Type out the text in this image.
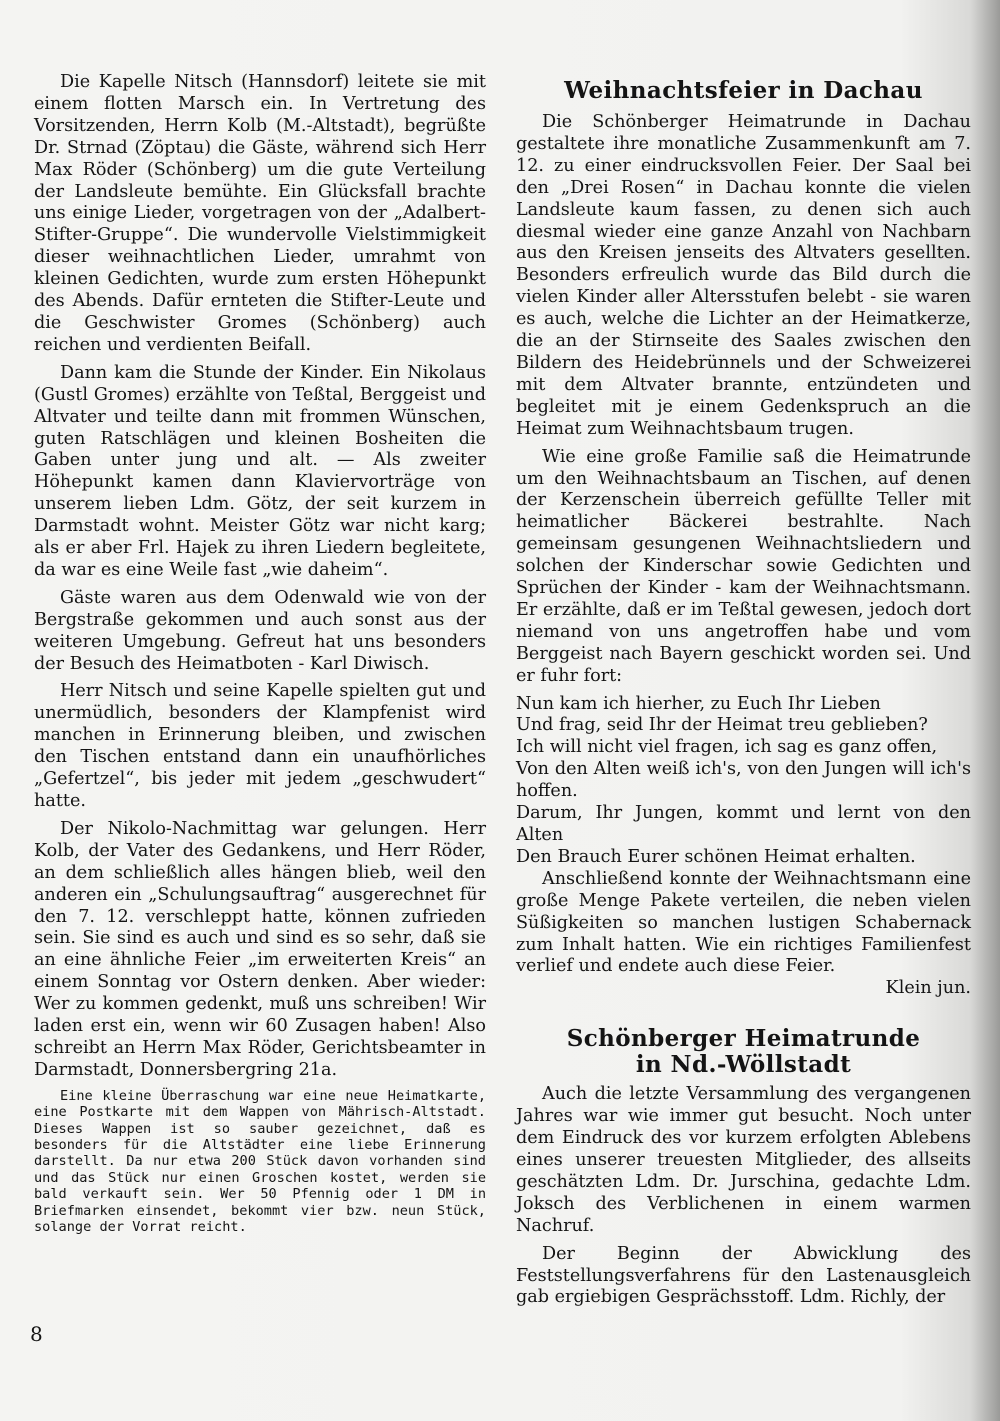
Die Kapelle Nitsch (Hannsdorf) leitete sie mit einem flotten Marsch ein. In Vertretung des Vorsitzenden, Herrn Kolb (M.-Altstadt), begrüßte Dr. Strnad (Zöptau) die Gäste, während sich Herr Max Röder (Schönberg) um die gute Verteilung der Landsleute bemühte. Ein Glücksfall brachte uns einige Lieder, vorgetragen von der „Adalbert-Stifter-Gruppe“. Die wundervolle Vielstimmigkeit dieser weihnachtlichen Lieder, umrahmt von kleinen Gedichten, wurde zum ersten Höhepunkt des Abends. Dafür ernteten die Stifter-Leute und die Geschwister Gromes (Schönberg) auch reichen und verdienten Beifall.

Dann kam die Stunde der Kinder. Ein Nikolaus (Gustl Gromes) erzählte von Teßtal, Berggeist und Altvater und teilte dann mit frommen Wünschen, guten Ratschlägen und kleinen Bosheiten die Gaben unter jung und alt. — Als zweiter Höhepunkt kamen dann Klaviervorträge von unserem lieben Ldm. Götz, der seit kurzem in Darmstadt wohnt. Meister Götz war nicht karg; als er aber Frl. Hajek zu ihren Liedern begleitete, da war es eine Weile fast „wie daheim“.

Gäste waren aus dem Odenwald wie von der Bergstraße gekommen und auch sonst aus der weiteren Umgebung. Gefreut hat uns besonders der Besuch des Heimatboten - Karl Diwisch.

Herr Nitsch und seine Kapelle spielten gut und unermüdlich, besonders der Klampfenist wird manchen in Erinnerung bleiben, und zwischen den Tischen entstand dann ein unaufhörliches „Gefertzel“, bis jeder mit jedem „geschwudert“ hatte.

Der Nikolo-Nachmittag war gelungen. Herr Kolb, der Vater des Gedankens, und Herr Röder, an dem schließlich alles hängen blieb, weil den anderen ein „Schulungsauftrag“ ausgerechnet für den 7. 12. verschleppt hatte, können zufrieden sein. Sie sind es auch und sind es so sehr, daß sie an eine ähnliche Feier „im erweiterten Kreis“ an einem Sonntag vor Ostern denken. Aber wieder: Wer zu kommen gedenkt, muß uns schreiben! Wir laden erst ein, wenn wir 60 Zusagen haben! Also schreibt an Herrn Max Röder, Gerichtsbeamter in Darmstadt, Donnersbergring 21a.

Eine kleine Überraschung war eine neue Heimatkarte, eine Postkarte mit dem Wappen von Mährisch-Altstadt. Dieses Wappen ist so sauber gezeichnet, daß es besonders für die Altstädter eine liebe Erinnerung darstellt. Da nur etwa 200 Stück davon vorhanden sind und das Stück nur einen Groschen kostet, werden sie bald verkauft sein. Wer 50 Pfennig oder 1 DM in Briefmarken einsendet, bekommt vier bzw. neun Stück, solange der Vorrat reicht.

Weihnachtsfeier in Dachau

Die Schönberger Heimatrunde in Dachau gestaltete ihre monatliche Zusammenkunft am 7. 12. zu einer eindrucksvollen Feier. Der Saal bei den „Drei Rosen“ in Dachau konnte die vielen Landsleute kaum fassen, zu denen sich auch diesmal wieder eine ganze Anzahl von Nachbarn aus den Kreisen jenseits des Altvaters gesellten. Besonders erfreulich wurde das Bild durch die vielen Kinder aller Altersstufen belebt - sie waren es auch, welche die Lichter an der Heimatkerze, die an der Stirnseite des Saales zwischen den Bildern des Heidebrünnels und der Schweizerei mit dem Altvater brannte, entzündeten und begleitet mit je einem Gedenkspruch an die Heimat zum Weihnachtsbaum trugen.

Wie eine große Familie saß die Heimatrunde um den Weihnachtsbaum an Tischen, auf denen der Kerzenschein überreich gefüllte Teller mit heimatlicher Bäckerei bestrahlte. Nach gemeinsam gesungenen Weihnachtsliedern und solchen der Kinderschar sowie Gedichten und Sprüchen der Kinder - kam der Weihnachtsmann. Er erzählte, daß er im Teßtal gewesen, jedoch dort niemand von uns angetroffen habe und vom Berggeist nach Bayern geschickt worden sei. Und er fuhr fort:

Nun kam ich hierher, zu Euch Ihr Lieben

Und frag, seid Ihr der Heimat treu geblieben?

Ich will nicht viel fragen, ich sag es ganz offen,

Von den Alten weiß ich's, von den Jungen will ich's hoffen.

Darum, Ihr Jungen, kommt und lernt von den Alten

Den Brauch Eurer schönen Heimat erhalten.

Anschließend konnte der Weihnachtsmann eine große Menge Pakete verteilen, die neben vielen Süßigkeiten so manchen lustigen Schabernack zum Inhalt hatten. Wie ein richtiges Familienfest verlief und endete auch diese Feier.

Klein jun.
Schönberger Heimatrunde
in Nd.-Wöllstadt

Auch die letzte Versammlung des vergangenen Jahres war wie immer gut besucht. Noch unter dem Eindruck des vor kurzem erfolgten Ablebens eines unserer treuesten Mitglieder, des allseits geschätzten Ldm. Dr. Jurschina, gedachte Ldm. Joksch des Verblichenen in einem warmen Nachruf.

Der Beginn der Abwicklung des Feststellungsverfahrens für den Lastenausgleich gab ergiebigen Gesprächsstoff. Ldm. Richly, der

8
